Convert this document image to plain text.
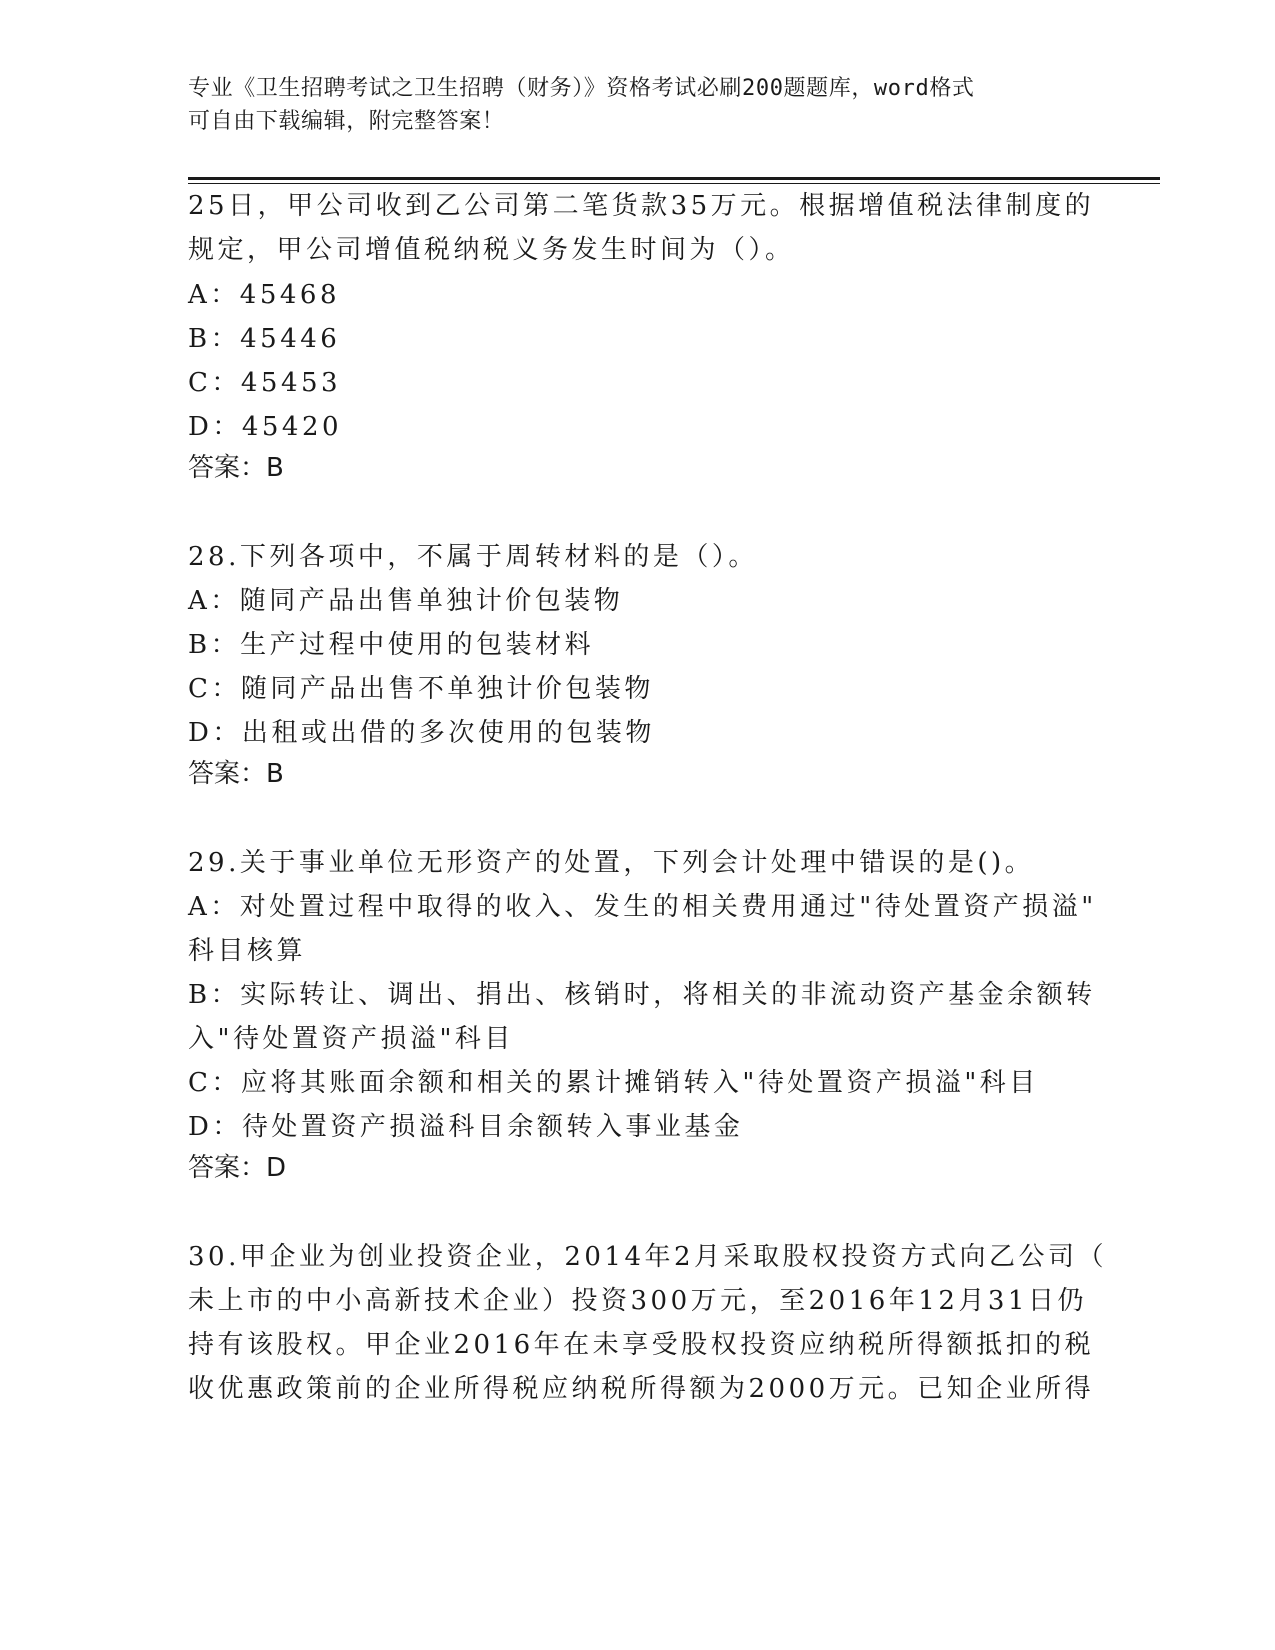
专业《卫生招聘考试之卫生招聘（财务）》资格考试必刷200题题库，word格式
可自由下载编辑，附完整答案！
25日，甲公司收到乙公司第二笔货款35万元。根据增值税法律制度的
规定，甲公司增值税纳税义务发生时间为（）。
A：45468
B：45446
C：45453
D：45420
答案：B
28.下列各项中，不属于周转材料的是（）。
A：随同产品出售单独计价包装物
B：生产过程中使用的包装材料
C：随同产品出售不单独计价包装物
D：出租或出借的多次使用的包装物
答案：B
29.关于事业单位无形资产的处置，下列会计处理中错误的是()。
A：对处置过程中取得的收入、发生的相关费用通过"待处置资产损溢"
科目核算
B：实际转让、调出、捐出、核销时，将相关的非流动资产基金余额转
入"待处置资产损溢"科目
C：应将其账面余额和相关的累计摊销转入"待处置资产损溢"科目
D：待处置资产损溢科目余额转入事业基金
答案：D
30.甲企业为创业投资企业，2014年2月采取股权投资方式向乙公司（
未上市的中小高新技术企业）投资300万元，至2016年12月31日仍
持有该股权。甲企业2016年在未享受股权投资应纳税所得额抵扣的税
收优惠政策前的企业所得税应纳税所得额为2000万元。已知企业所得
